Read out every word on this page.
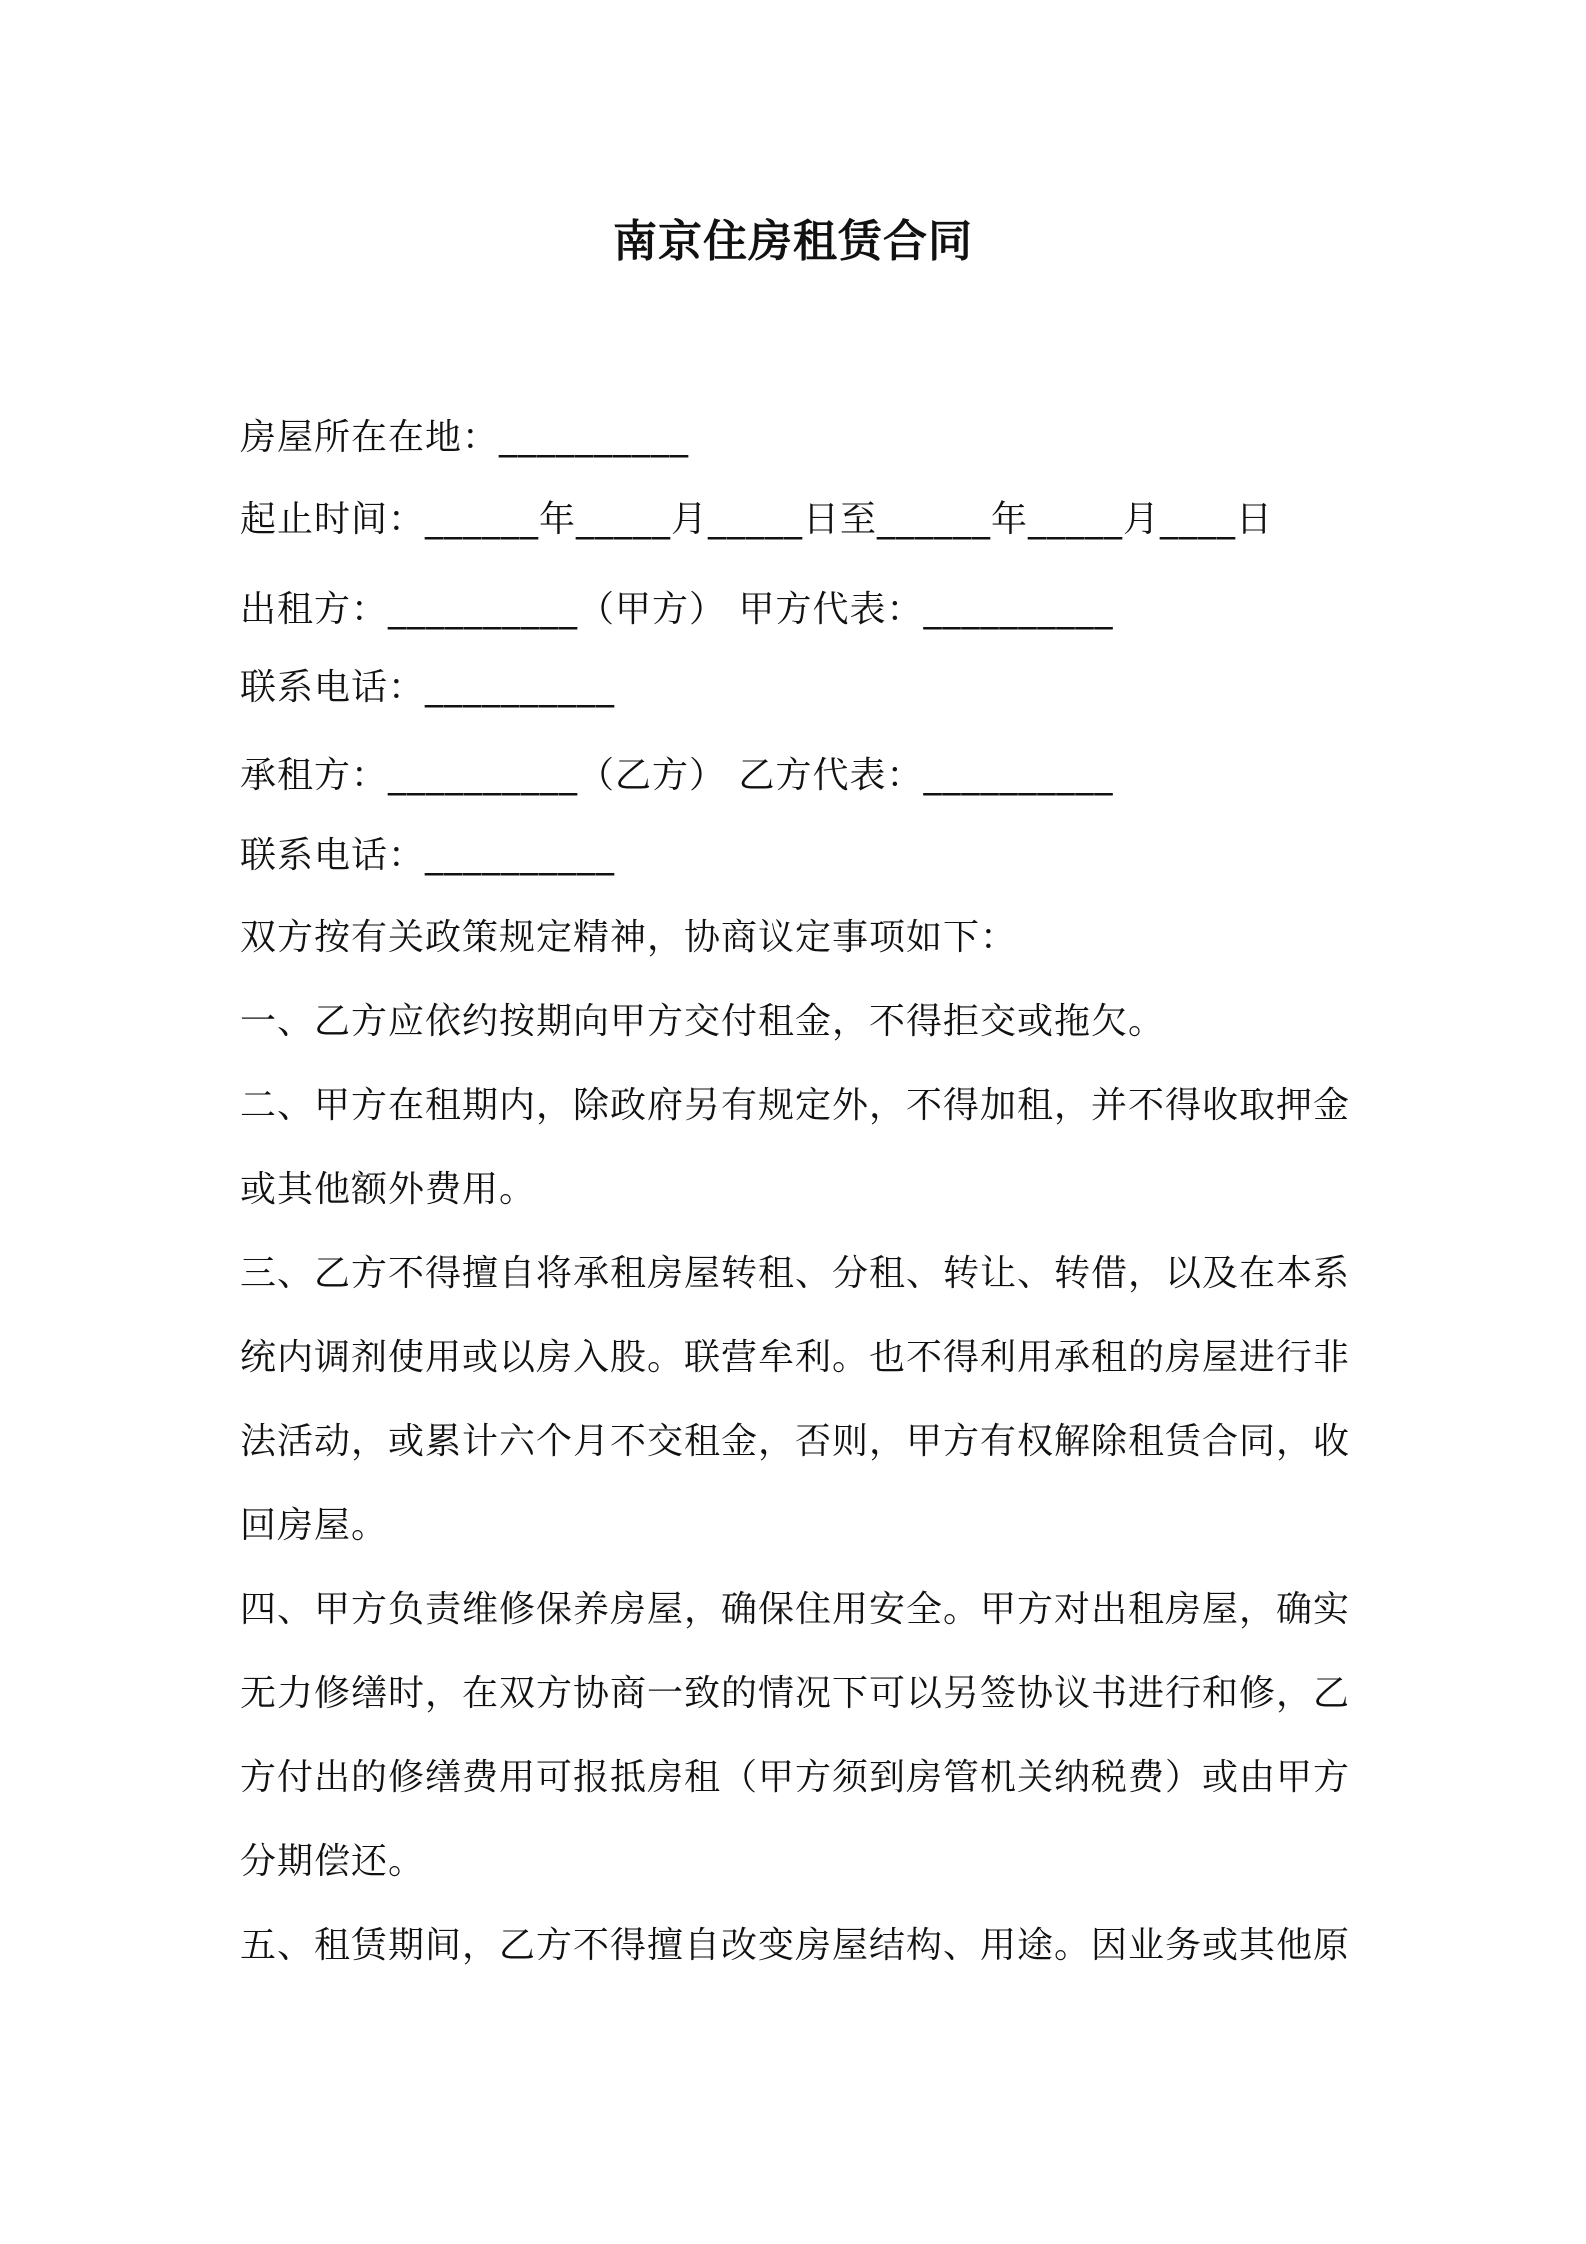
南京住房租赁合同
房屋所在在地：__________
起止时间：______年_____月_____日至______年_____月____日
出租方：__________（甲方） 甲方代表：__________
联系电话：__________
承租方：__________（乙方） 乙方代表：__________
联系电话：__________
双方按有关政策规定精神，协商议定事项如下：
一、乙方应依约按期向甲方交付租金，不得拒交或拖欠。
二、甲方在租期内，除政府另有规定外，不得加租，并不得收取押金
或其他额外费用。
三、乙方不得擅自将承租房屋转租、分租、转让、转借，以及在本系
统内调剂使用或以房入股。联营牟利。也不得利用承租的房屋进行非
法活动，或累计六个月不交租金，否则，甲方有权解除租赁合同，收
回房屋。
四、甲方负责维修保养房屋，确保住用安全。甲方对出租房屋，确实
无力修缮时，在双方协商一致的情况下可以另签协议书进行和修，乙
方付出的修缮费用可报抵房租（甲方须到房管机关纳税费）或由甲方
分期偿还。
五、租赁期间，乙方不得擅自改变房屋结构、用途。因业务或其他原
